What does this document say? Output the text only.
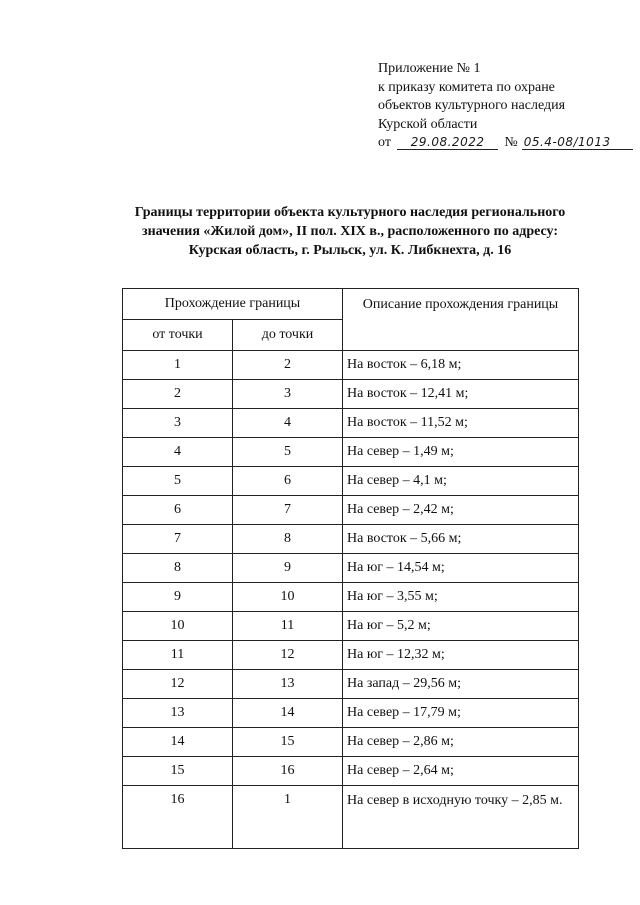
Приложение № 1
к приказу комитета по охране
объектов культурного наследия
Курской области
от	29.08.2022	№ 05.4-08/1013
Границы территории объекта культурного наследия регионального
значения «Жилой дом», II пол. XIX в., расположенного по адресу:
Курская область, г. Рыльск, ул. К. Либкнехта, д. 16
Прохождение границы		Описание прохождения границы
от точки	до точки	
1	2	На восток – 6,18 м;
2	3	На восток – 12,41 м;
3	4	На восток – 11,52 м;
4	5	На север – 1,49 м;
5	6	На север – 4,1 м;
6	7	На север – 2,42 м;
7	8	На восток – 5,66 м;
8	9	На юг – 14,54 м;
9	10	На юг – 3,55 м;
10	11	На юг – 5,2 м;
11	12	На юг – 12,32 м;
12	13	На запад – 29,56 м;
13	14	На север – 17,79 м;
14	15	На север – 2,86 м;
15	16	На север – 2,64 м;
16	1	На север в исходную точку – 2,85 м.
